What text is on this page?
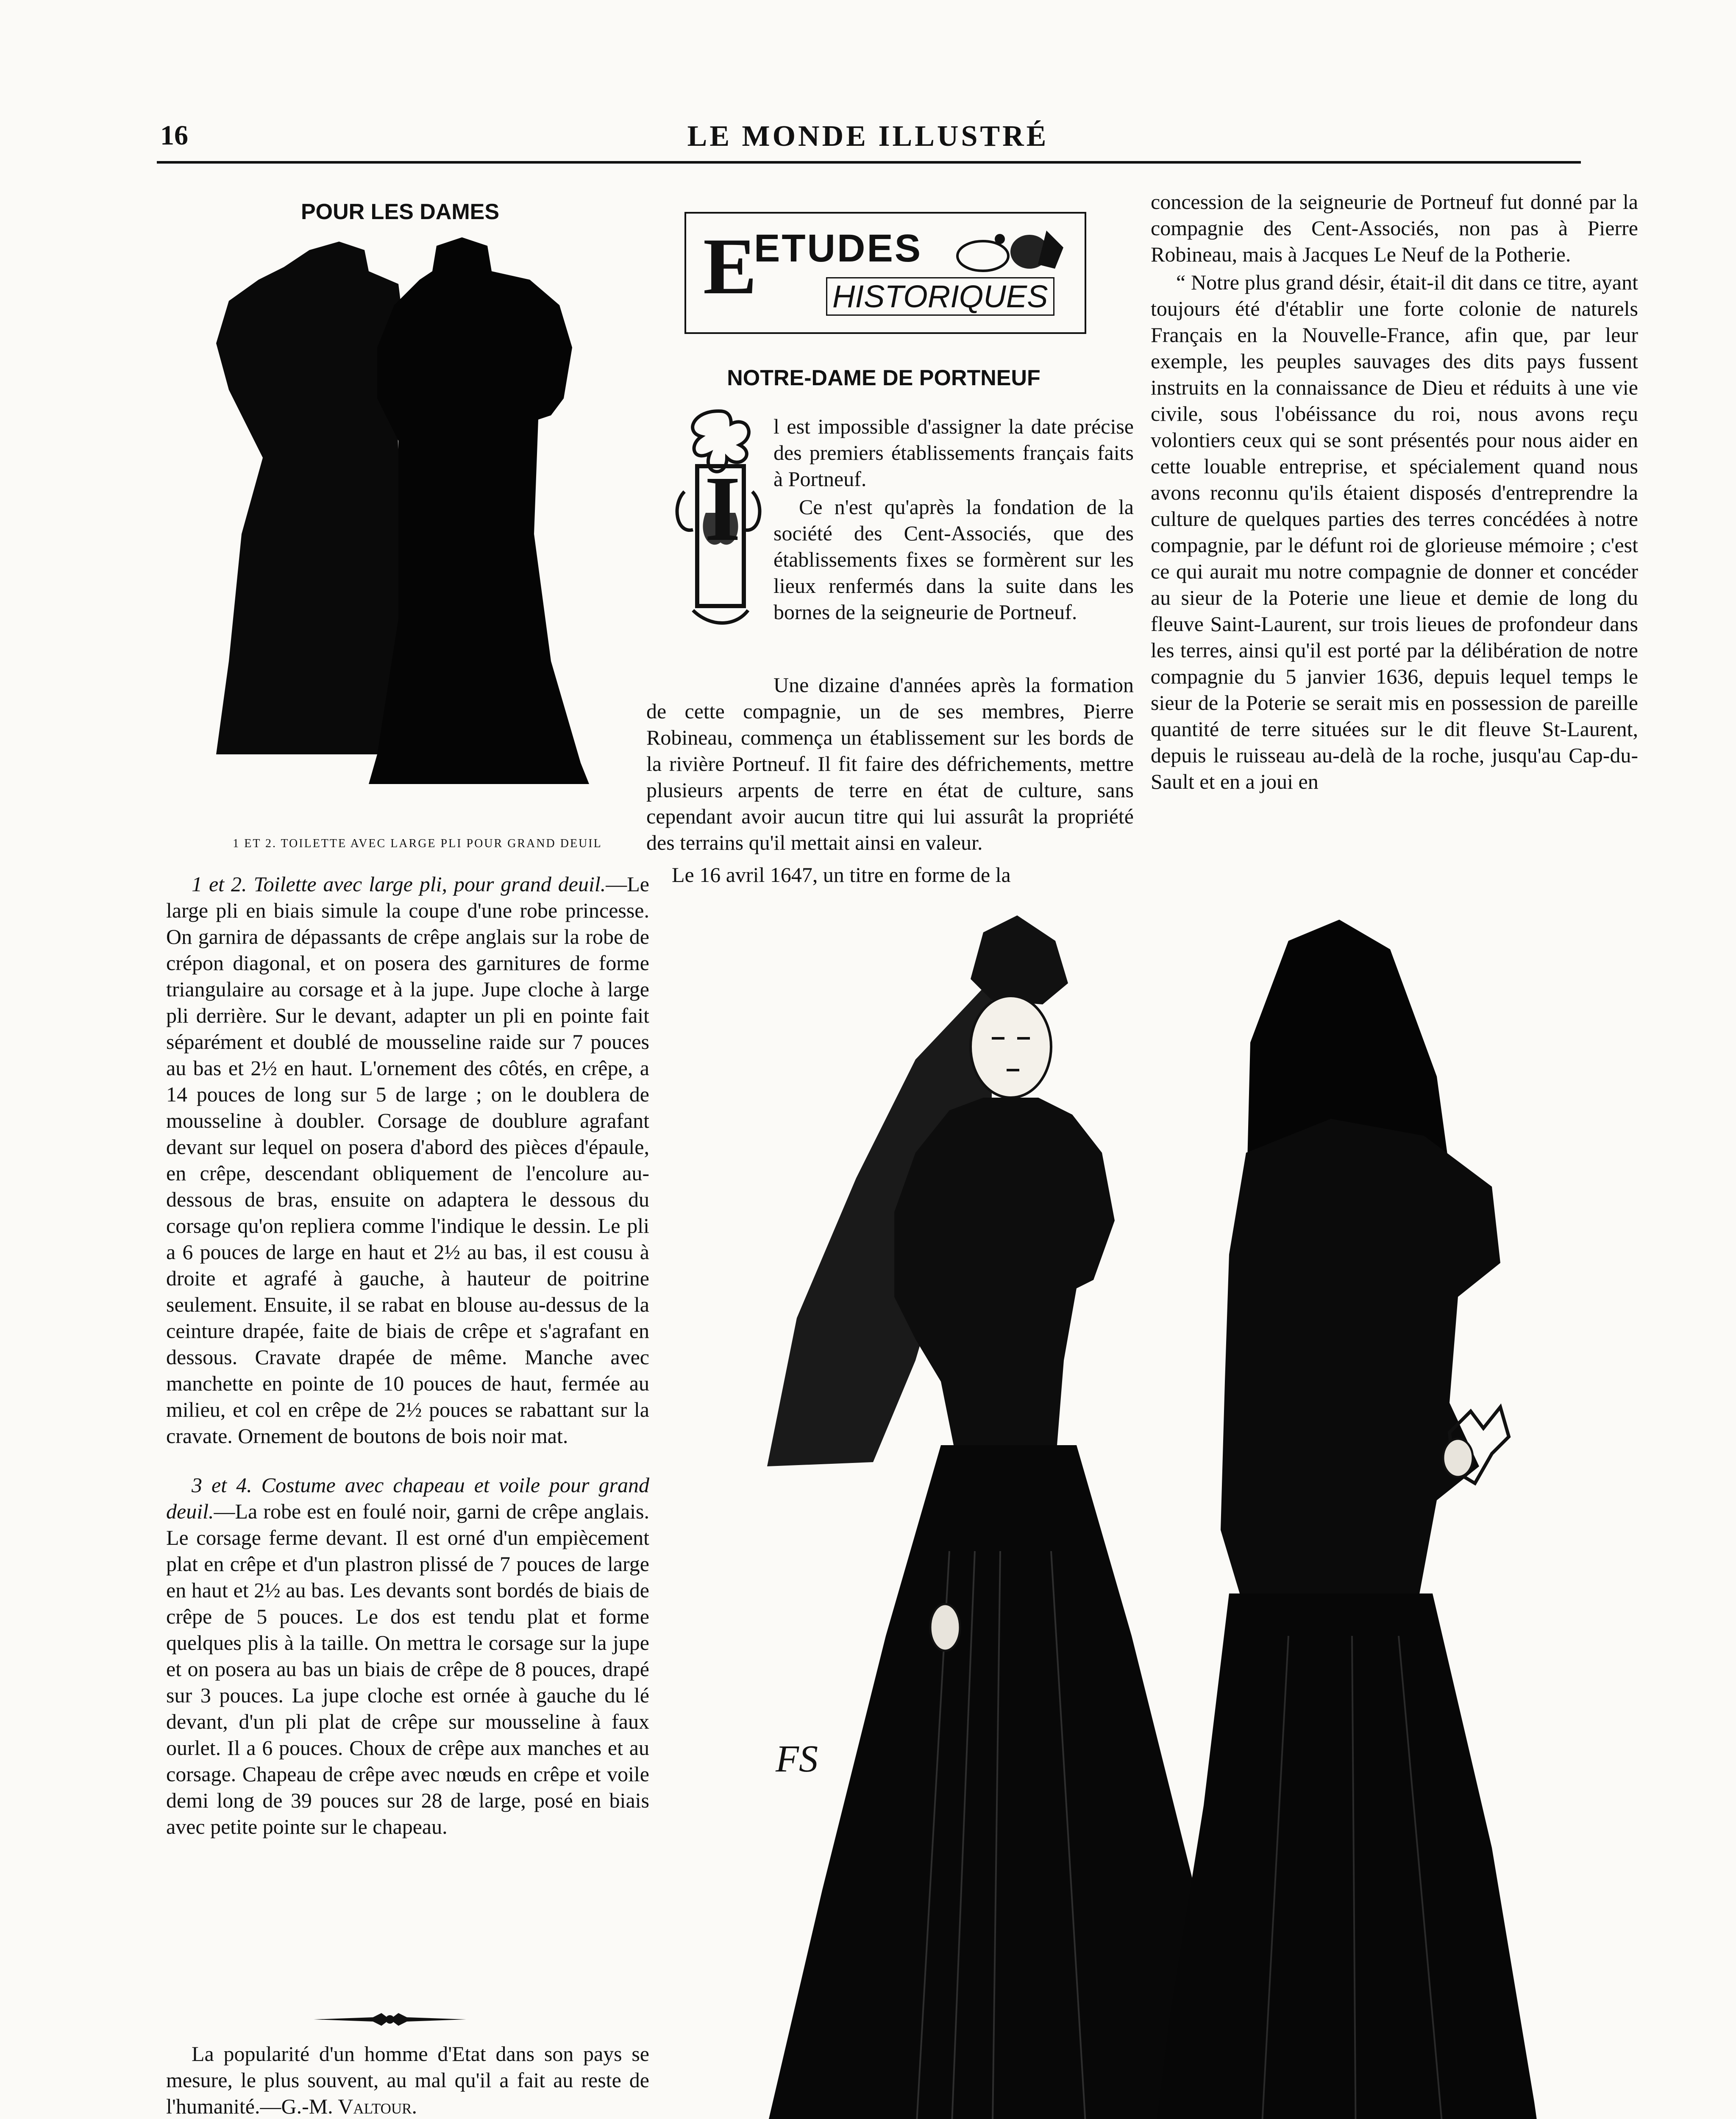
16	LE MONDE ILLUSTRÉ
POUR LES DAMES
1 ET 2. TOILETTE AVEC LARGE PLI POUR GRAND DEUIL

1 et 2. Toilette avec large pli, pour grand deuil.—Le large pli en biais simule la coupe d'une robe princesse. On garnira de dépassants de crêpe anglais sur la robe de crépon diagonal, et on posera des garnitures de forme triangulaire au corsage et à la jupe. Jupe cloche à large pli derrière. Sur le devant, adapter un pli en pointe fait séparément et doublé de mousseline raide sur 7 pouces au bas et 2½ en haut. L'ornement des côtés, en crêpe, a 14 pouces de long sur 5 de large ; on le doublera de mousseline à doubler. Corsage de doublure agrafant devant sur lequel on posera d'abord des pièces d'épaule, en crêpe, descendant obliquement de l'encolure au-dessous de bras, ensuite on adaptera le dessous du corsage qu'on repliera comme l'indique le dessin. Le pli a 6 pouces de large en haut et 2½ au bas, il est cousu à droite et agrafé à gauche, à hauteur de poitrine seulement. Ensuite, il se rabat en blouse au-dessus de la ceinture drapée, faite de biais de crêpe et s'agrafant en dessous. Cravate drapée de même. Manche avec manchette en pointe de 10 pouces de haut, fermée au milieu, et col en crêpe de 2½ pouces se rabattant sur la cravate. Ornement de boutons de bois noir mat.

3 et 4. Costume avec chapeau et voile pour grand deuil.—La robe est en foulé noir, garni de crêpe anglais. Le corsage ferme devant. Il est orné d'un empiècement plat en crêpe et d'un plastron plissé de 7 pouces de large en haut et 2½ au bas. Les devants sont bordés de biais de crêpe de 5 pouces. Le dos est tendu plat et forme quelques plis à la taille. On mettra le corsage sur la jupe et on posera au bas un biais de crêpe de 8 pouces, drapé sur 3 pouces. La jupe cloche est ornée à gauche du lé devant, d'un pli plat de crêpe sur mousseline à faux ourlet. Il a 6 pouces. Choux de crêpe aux manches et au corsage. Chapeau de crêpe avec nœuds en crêpe et voile demi long de 39 pouces sur 28 de large, posé en biais avec petite pointe sur le chapeau.

La popularité d'un homme d'Etat dans son pays se mesure, le plus souvent, au mal qu'il a fait au reste de l'humanité.—G.-M. Valtour.

E
ETUDES
HISTORIQUES
NOTRE-DAME DE PORTNEUF
I

l est impossible d'assigner la date précise des premiers établissements français faits à Portneuf.

Ce n'est qu'après la fondation de la société des Cent-Associés, que des établissements fixes se formèrent sur les lieux renfermés dans la suite dans les bornes de la seigneurie de Portneuf.

Une dizaine d'années après la formation de cette compagnie, un de ses membres, Pierre Robineau, commença un établissement sur les bords de la rivière Portneuf. Il fit faire des défrichements, mettre plusieurs arpents de terre en état de culture, sans cependant avoir aucun titre qui lui assurât la propriété des terrains qu'il mettait ainsi en valeur.

Le 16 avril 1647, un titre en forme de la

concession de la seigneurie de Portneuf fut donné par la compagnie des Cent-Associés, non pas à Pierre Robineau, mais à Jacques Le Neuf de la Potherie.

“ Notre plus grand désir, était-il dit dans ce titre, ayant toujours été d'établir une forte colonie de naturels Français en la Nouvelle-France, afin que, par leur exemple, les peuples sauvages des dits pays fussent instruits en la connaissance de Dieu et réduits à une vie civile, sous l'obéissance du roi, nous avons reçu volontiers ceux qui se sont présentés pour nous aider en cette louable entreprise, et spécialement quand nous avons reconnu qu'ils étaient disposés d'entreprendre la culture de quelques parties des terres concédées à notre compagnie, par le défunt roi de glorieuse mémoire ; c'est ce qui aurait mu notre compagnie de donner et concéder au sieur de la Poterie une lieue et demie de long du fleuve Saint-Laurent, sur trois lieues de profondeur dans les terres, ainsi qu'il est porté par la délibération de notre compagnie du 5 janvier 1636, depuis lequel temps le sieur de la Poterie se serait mis en possession de pareille quantité de terre situées sur le dit fleuve St-Laurent, depuis le ruisseau au-delà de la roche, jusqu'au Cap-du-Sault et en a joui en

FS
